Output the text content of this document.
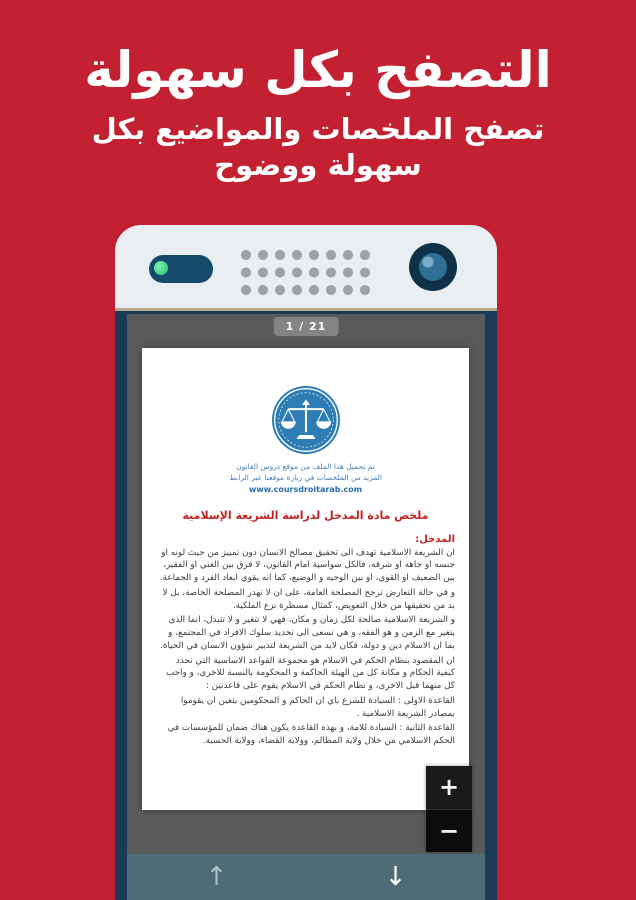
التصفح بكل سهولة
تصفح الملخصات والمواضيع بكل سهولة ووضوح
1 / 21
تم تحميل هذا الملف من موقع دروس القانون
المزيد من الملخصات في زيارة موقعنا عبر الرابط
www.coursdroitarab.com
ملخص مادة المدخل لدراسة الشريعة الإسلامية
المدخل:

ان الشريعة الاسلامية تهدف الى تحقيق مصالح الانسان دون تمييز من حيث لونه او جنسه او جاهه او شرفه، فالكل سواسية امام القانون، لا فرق بين الغني او الفقير، بين الضعيف او القوي، او بين الوجيه و الوضيع، كما انه يقوي ابعاد الفرد و الجماعة.

و في حالة التعارض ترجح المصلحة العامة، على ان لا تهدر المصلحة الخاصة، بل لا بد من تحقيقها من خلال التعويض، كمثال مسطرة نزع الملكية.

و الشريعة الاسلامية صالحة لكل زمان و مكان، فهي لا تتغير و لا تتبدل، انما الذي يتغير مع الزمن و هو الفقه، و هي تسعى الى تحديد سلوك الافراد في المجتمع، و بما ان الاسلام دين و دولة، فكان لابد من الشريعة لتدبير شؤون الانسان في الحياة.

ان المقصود بنظام الحكم في الاسلام هو مجموعة القواعد الاساسية التي تحدد كيفية الحكام و مكانة كل من الهيئة الحاكمة و المحكومة بالنسبة للاخرى، و واجب كل منهما قبل الاخرى، و نظام الحكم في الاسلام يقوم على قاعدتين :

القاعدة الاولى : السيادة للشرع باي ان الحاكم و المحكومين يتعين ان يقوموا بمصادر الشريعة الاسلامية .

القاعدة الثانية : السيادة للامة، و بهذه القاعدة يكون هناك ضمان للمؤسسات في الحكم الاسلامي من خلال ولاية المظالم، وولاية القضاء، وولاية الحسبة.

+
−
↑	↓
